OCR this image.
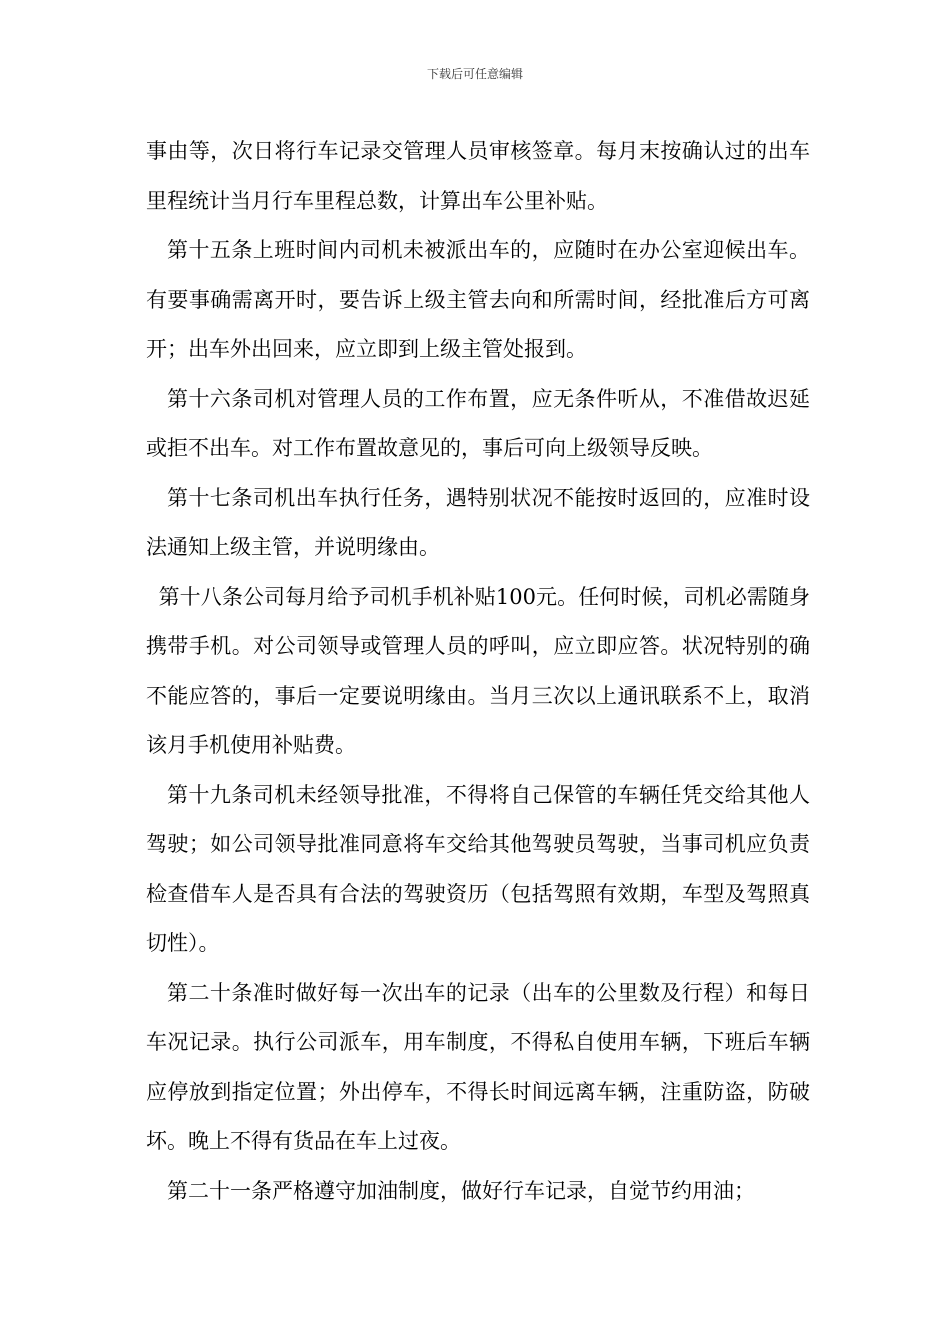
下载后可任意编辑

事由等，次日将行车记录交管理人员审核签章。每月末按确认过的出车里程统计当月行车里程总数，计算出车公里补贴。

第十五条上班时间内司机未被派出车的，应随时在办公室迎候出车。有要事确需离开时，要告诉上级主管去向和所需时间，经批准后方可离开；出车外出回来，应立即到上级主管处报到。

第十六条司机对管理人员的工作布置，应无条件听从，不准借故迟延或拒不出车。对工作布置故意见的，事后可向上级领导反映。

第十七条司机出车执行任务，遇特别状况不能按时返回的，应准时设法通知上级主管，并说明缘由。

第十八条公司每月给予司机手机补贴100元。任何时候，司机必需随身携带手机。对公司领导或管理人员的呼叫，应立即应答。状况特别的确不能应答的，事后一定要说明缘由。当月三次以上通讯联系不上，取消该月手机使用补贴费。

第十九条司机未经领导批准，不得将自己保管的车辆任凭交给其他人驾驶；如公司领导批准同意将车交给其他驾驶员驾驶，当事司机应负责检查借车人是否具有合法的驾驶资历（包括驾照有效期，车型及驾照真切性）。

第二十条准时做好每一次出车的记录（出车的公里数及行程）和每日车况记录。执行公司派车，用车制度，不得私自使用车辆，下班后车辆应停放到指定位置；外出停车，不得长时间远离车辆，注重防盗，防破坏。晚上不得有货品在车上过夜。

第二十一条严格遵守加油制度，做好行车记录，自觉节约用油；
